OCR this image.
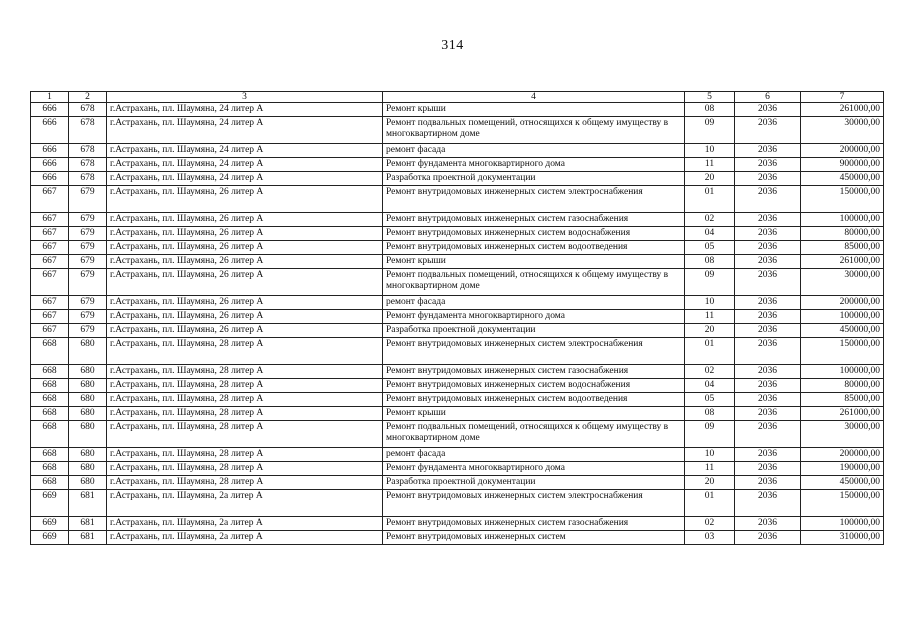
314
1	2	3	4	5	6	7
666	678	г.Астрахань, пл. Шаумяна, 24 литер А	Ремонт крыши	08	2036	261000,00
666	678	г.Астрахань, пл. Шаумяна, 24 литер А	Ремонт подвальных помещений, относящихся к общему имуществу в многоквартирном доме	09	2036	30000,00
666	678	г.Астрахань, пл. Шаумяна, 24 литер А	ремонт фасада	10	2036	200000,00
666	678	г.Астрахань, пл. Шаумяна, 24 литер А	Ремонт фундамента многоквартирного дома	11	2036	900000,00
666	678	г.Астрахань, пл. Шаумяна, 24 литер А	Разработка проектной документации	20	2036	450000,00
667	679	г.Астрахань, пл. Шаумяна, 26 литер А	Ремонт внутридомовых инженерных систем электроснабжения	01	2036	150000,00
667	679	г.Астрахань, пл. Шаумяна, 26 литер А	Ремонт внутридомовых инженерных систем газоснабжения	02	2036	100000,00
667	679	г.Астрахань, пл. Шаумяна, 26 литер А	Ремонт внутридомовых инженерных систем водоснабжения	04	2036	80000,00
667	679	г.Астрахань, пл. Шаумяна, 26 литер А	Ремонт внутридомовых инженерных систем водоотведения	05	2036	85000,00
667	679	г.Астрахань, пл. Шаумяна, 26 литер А	Ремонт крыши	08	2036	261000,00
667	679	г.Астрахань, пл. Шаумяна, 26 литер А	Ремонт подвальных помещений, относящихся к общему имуществу в многоквартирном доме	09	2036	30000,00
667	679	г.Астрахань, пл. Шаумяна, 26 литер А	ремонт фасада	10	2036	200000,00
667	679	г.Астрахань, пл. Шаумяна, 26 литер А	Ремонт фундамента многоквартирного дома	11	2036	100000,00
667	679	г.Астрахань, пл. Шаумяна, 26 литер А	Разработка проектной документации	20	2036	450000,00
668	680	г.Астрахань, пл. Шаумяна, 28 литер А	Ремонт внутридомовых инженерных систем электроснабжения	01	2036	150000,00
668	680	г.Астрахань, пл. Шаумяна, 28 литер А	Ремонт внутридомовых инженерных систем газоснабжения	02	2036	100000,00
668	680	г.Астрахань, пл. Шаумяна, 28 литер А	Ремонт внутридомовых инженерных систем водоснабжения	04	2036	80000,00
668	680	г.Астрахань, пл. Шаумяна, 28 литер А	Ремонт внутридомовых инженерных систем водоотведения	05	2036	85000,00
668	680	г.Астрахань, пл. Шаумяна, 28 литер А	Ремонт крыши	08	2036	261000,00
668	680	г.Астрахань, пл. Шаумяна, 28 литер А	Ремонт подвальных помещений, относящихся к общему имуществу в многоквартирном доме	09	2036	30000,00
668	680	г.Астрахань, пл. Шаумяна, 28 литер А	ремонт фасада	10	2036	200000,00
668	680	г.Астрахань, пл. Шаумяна, 28 литер А	Ремонт фундамента многоквартирного дома	11	2036	190000,00
668	680	г.Астрахань, пл. Шаумяна, 28 литер А	Разработка проектной документации	20	2036	450000,00
669	681	г.Астрахань, пл. Шаумяна, 2а литер А	Ремонт внутридомовых инженерных систем электроснабжения	01	2036	150000,00
669	681	г.Астрахань, пл. Шаумяна, 2а литер А	Ремонт внутридомовых инженерных систем газоснабжения	02	2036	100000,00
669	681	г.Астрахань, пл. Шаумяна, 2а литер А	Ремонт внутридомовых инженерных систем	03	2036	310000,00
